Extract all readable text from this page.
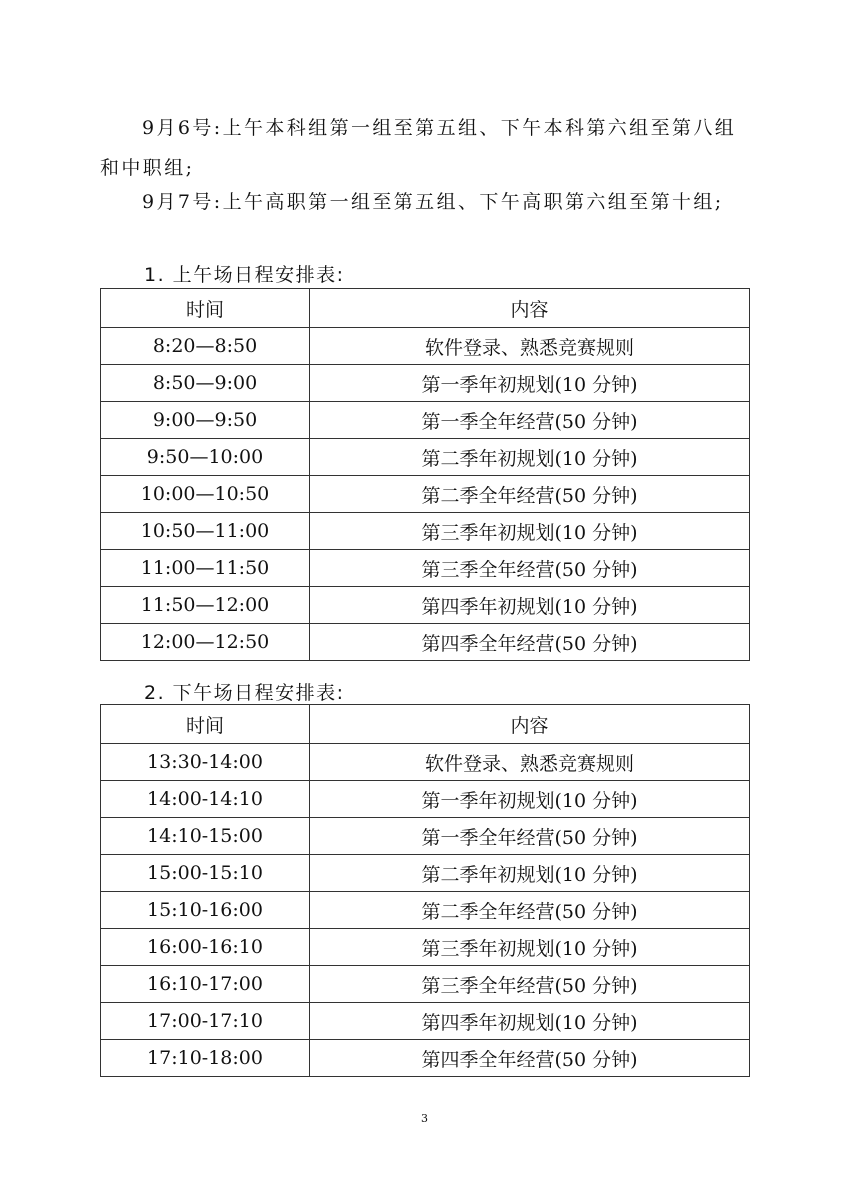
9月6号:上午本科组第一组至第五组、下午本科第六组至第八组和中职组;

9月7号:上午高职第一组至第五组、下午高职第六组至第十组;

1. 上午场日程安排表:

时间	内容
8:20—8:50	软件登录、熟悉竞赛规则
8:50—9:00	第一季年初规划(10 分钟)
9:00—9:50	第一季全年经营(50 分钟)
9:50—10:00	第二季年初规划(10 分钟)
10:00—10:50	第二季全年经营(50 分钟)
10:50—11:00	第三季年初规划(10 分钟)
11:00—11:50	第三季全年经营(50 分钟)
11:50—12:00	第四季年初规划(10 分钟)
12:00—12:50	第四季全年经营(50 分钟)

2. 下午场日程安排表:

时间	内容
13:30-14:00	软件登录、熟悉竞赛规则
14:00-14:10	第一季年初规划(10 分钟)
14:10-15:00	第一季全年经营(50 分钟)
15:00-15:10	第二季年初规划(10 分钟)
15:10-16:00	第二季全年经营(50 分钟)
16:00-16:10	第三季年初规划(10 分钟)
16:10-17:00	第三季全年经营(50 分钟)
17:00-17:10	第四季年初规划(10 分钟)
17:10-18:00	第四季全年经营(50 分钟)

3
